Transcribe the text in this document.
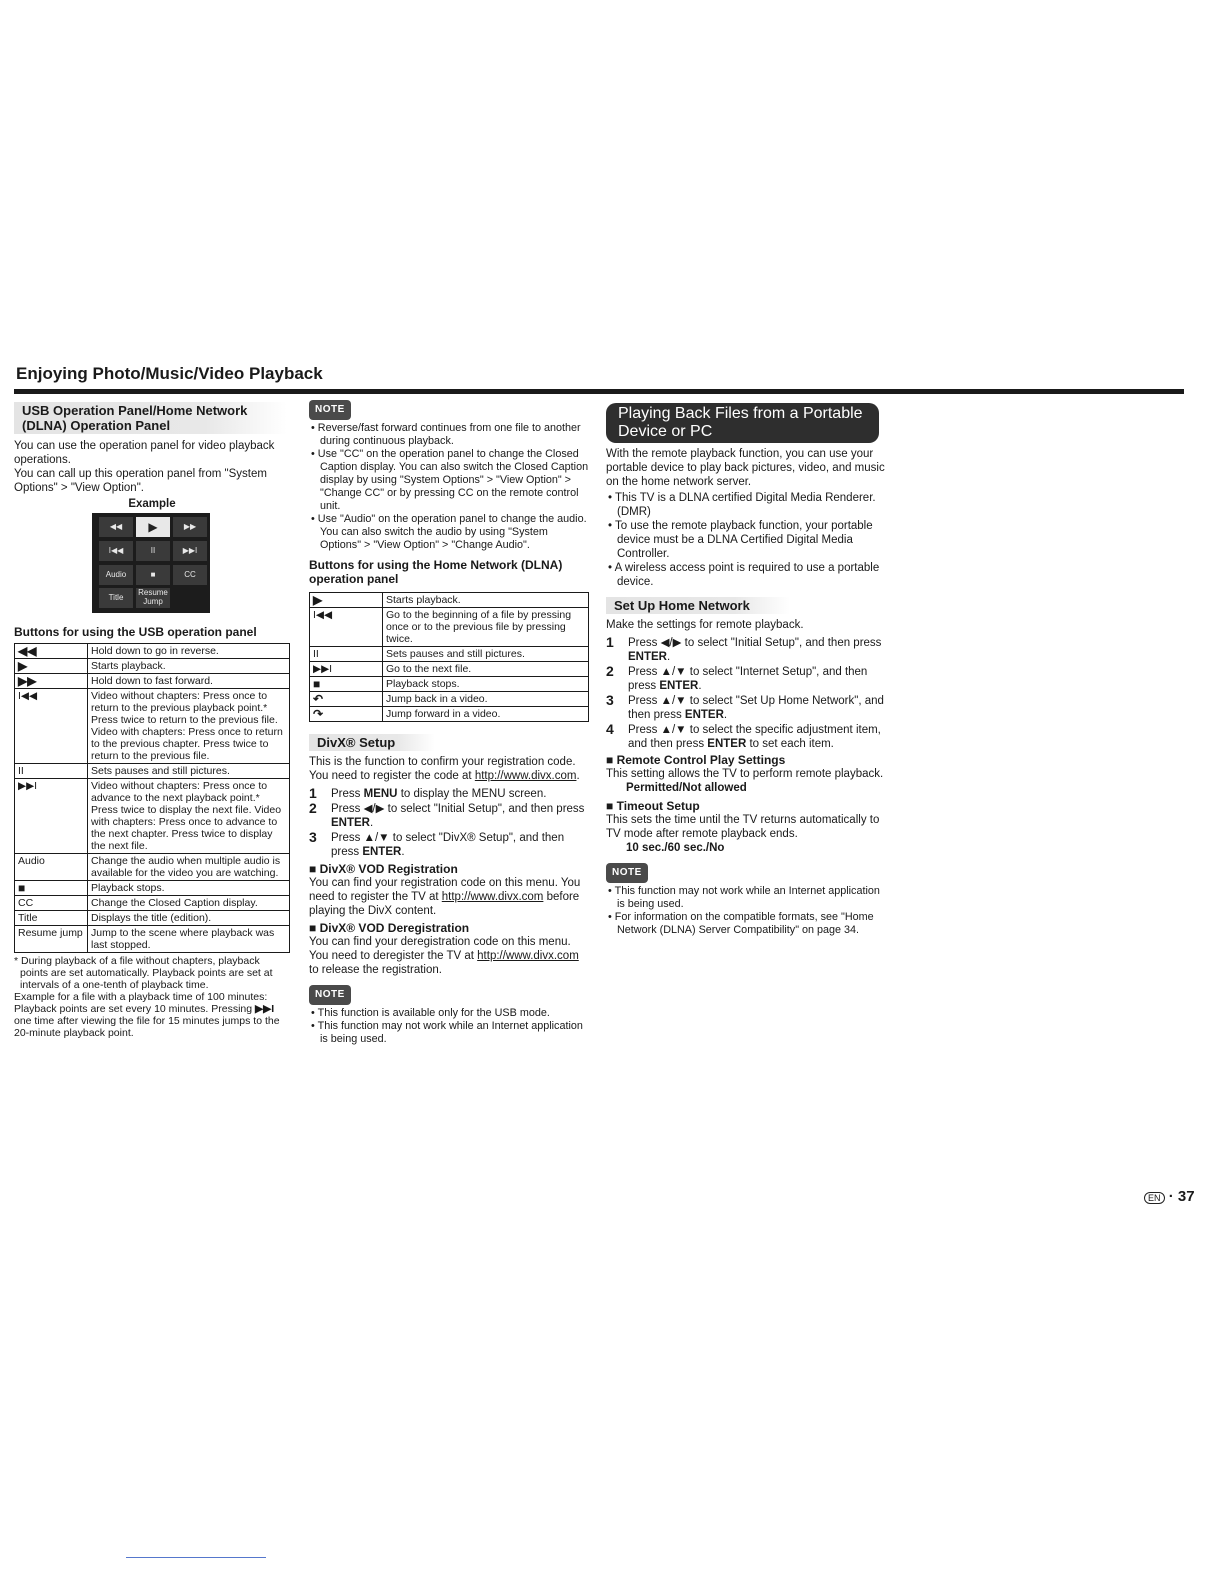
Enjoying Photo/Music/Video Playback
USB Operation Panel/Home Network
(DLNA) Operation Panel

You can use the operation panel for video playback operations.

You can call up this operation panel from "System Options" > "View Option".

Example
◀◀	▶	▶▶
I◀◀	II	▶▶I
Audio	■	CC
Title
Resume Jump

Buttons for using the USB operation panel

◀◀	Hold down to go in reverse.
▶	Starts playback.
▶▶	Hold down to fast forward.
I◀◀	Video without chapters: Press once to return to the previous playback point.* Press twice to return to the previous file. Video with chapters: Press once to return to the previous chapter. Press twice to return to the previous file.
II	Sets pauses and still pictures.
▶▶I	Video without chapters: Press once to advance to the next playback point.* Press twice to display the next file. Video with chapters: Press once to advance to the next chapter. Press twice to display the next file.
Audio	Change the audio when multiple audio is available for the video you are watching.
■	Playback stops.
CC	Change the Closed Caption display.
Title	Displays the title (edition).
Resume jump	Jump to the scene where playback was last stopped.

* During playback of a file without chapters, playback points are set automatically. Playback points are set at intervals of a one-tenth of playback time.

Example for a file with a playback time of 100 minutes: Playback points are set every 10 minutes. Pressing ▶▶I one time after viewing the file for 15 minutes jumps to the 20-minute playback point.

NOTE
• Reverse/fast forward continues from one file to another during continuous playback.
• Use "CC" on the operation panel to change the Closed Caption display. You can also switch the Closed Caption display by using "System Options" > "View Option" > "Change CC" or by pressing CC on the remote control unit.
• Use "Audio" on the operation panel to change the audio. You can also switch the audio by using "System Options" > "View Option" > "Change Audio".

Buttons for using the Home Network (DLNA) operation panel

▶	Starts playback.
I◀◀	Go to the beginning of a file by pressing once or to the previous file by pressing twice.
II	Sets pauses and still pictures.
▶▶I	Go to the next file.
■	Playback stops.
↶	Jump back in a video.
↷	Jump forward in a video.
DivX® Setup

This is the function to confirm your registration code. You need to register the code at http://www.divx.com.

1 Press MENU to display the MENU screen.
2 Press ◀/▶ to select "Initial Setup", and then press ENTER.
3 Press ▲/▼ to select "DivX® Setup", and then press ENTER.

■ DivX® VOD Registration

You can find your registration code on this menu. You need to register the TV at http://www.divx.com before playing the DivX content.

■ DivX® VOD Deregistration

You can find your deregistration code on this menu. You need to deregister the TV at http://www.divx.com to release the registration.

NOTE
• This function is available only for the USB mode.
• This function may not work while an Internet application is being used.
Playing Back Files from a Portable
Device or PC

With the remote playback function, you can use your portable device to play back pictures, video, and music on the home network server.

• This TV is a DLNA certified Digital Media Renderer. (DMR)
• To use the remote playback function, your portable device must be a DLNA Certified Digital Media Controller.
• A wireless access point is required to use a portable device.
Set Up Home Network

Make the settings for remote playback.

1 Press ◀/▶ to select "Initial Setup", and then press ENTER.
2 Press ▲/▼ to select "Internet Setup", and then press ENTER.
3 Press ▲/▼ to select "Set Up Home Network", and then press ENTER.
4 Press ▲/▼ to select the specific adjustment item, and then press ENTER to set each item.

■ Remote Control Play Settings

This setting allows the TV to perform remote playback.

Permitted/Not allowed

■ Timeout Setup

This sets the time until the TV returns automatically to TV mode after remote playback ends.

10 sec./60 sec./No

NOTE
• This function may not work while an Internet application is being used.
• For information on the compatible formats, see "Home Network (DLNA) Server Compatibility" on page 34.
EN · 37
